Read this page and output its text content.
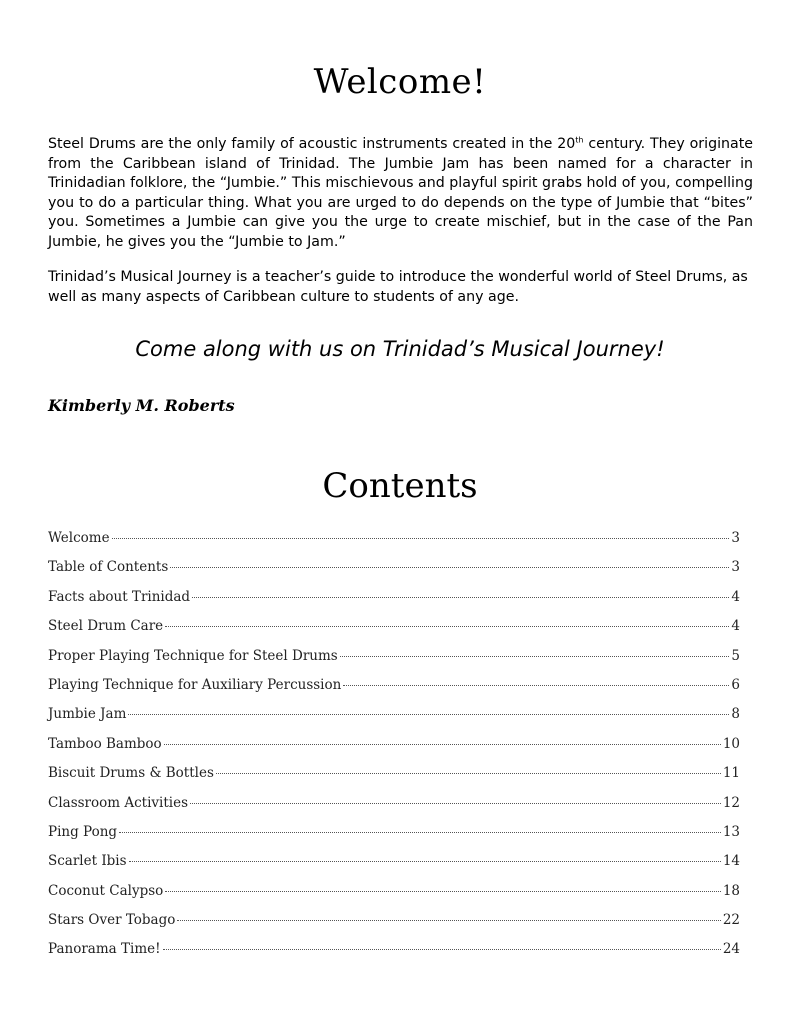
Welcome!

Steel Drums are the only family of acoustic instruments created in the 20th century. They originate from the Caribbean island of Trinidad. The Jumbie Jam has been named for a character in Trinidadian folklore, the “Jumbie.” This mischievous and playful spirit grabs hold of you, compelling you to do a particular thing. What you are urged to do depends on the type of Jumbie that “bites” you. Sometimes a Jumbie can give you the urge to create mischief, but in the case of the Pan Jumbie, he gives you the “Jumbie to Jam.”

Trinidad’s Musical Journey is a teacher’s guide to introduce the wonderful world of Steel Drums, as well as many aspects of Caribbean culture to students of any age.

Come along with us on Trinidad’s Musical Journey!

Kimberly M. Roberts

Contents
Welcome	3
Table of Contents	3
Facts about Trinidad	4
Steel Drum Care	4
Proper Playing Technique for Steel Drums	5
Playing Technique for Auxiliary Percussion	6
Jumbie Jam	8
Tamboo Bamboo	10
Biscuit Drums & Bottles	11
Classroom Activities	12
Ping Pong	13
Scarlet Ibis	14
Coconut Calypso	18
Stars Over Tobago	22
Panorama Time!	24
